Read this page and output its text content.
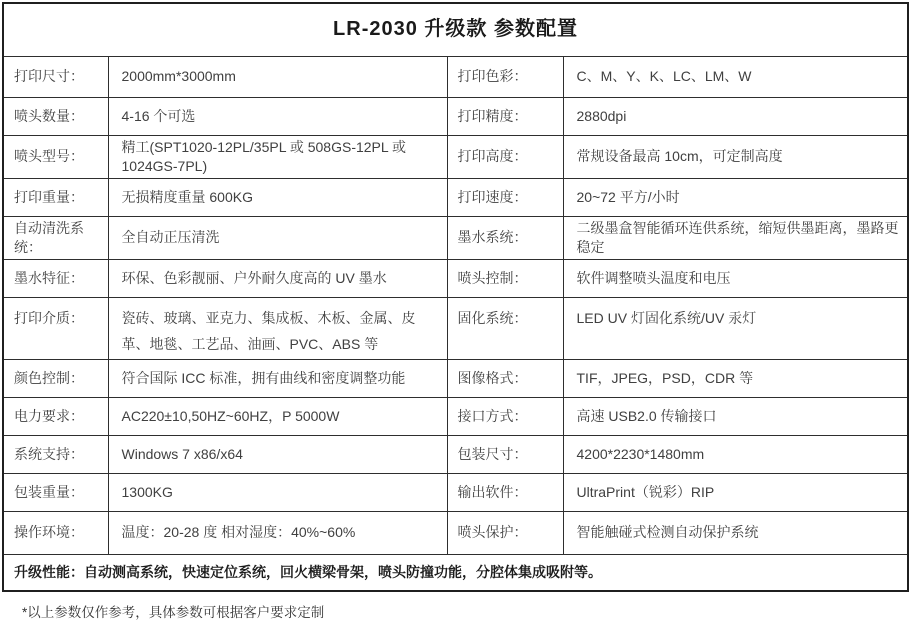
LR-2030 升级款 参数配置			
打印尺寸：	2000mm*3000mm	打印色彩：	C、M、Y、K、LC、LM、W
喷头数量：	4-16 个可选	打印精度：	2880dpi
喷头型号：	精工(SPT1020-12PL/35PL 或 508GS-12PL 或 1024GS-7PL)	打印高度：	常规设备最高 10cm，可定制高度
打印重量：	无损精度重量 600KG	打印速度：	20~72 平方/小时
自动清洗系统：	全自动正压清洗	墨水系统：	二级墨盒智能循环连供系统，缩短供墨距离，墨路更稳定
墨水特征：	环保、色彩靓丽、户外耐久度高的 UV 墨水	喷头控制：	软件调整喷头温度和电压
打印介质：	瓷砖、玻璃、亚克力、集成板、木板、金属、皮革、地毯、工艺品、油画、PVC、ABS 等	固化系统：	LED UV 灯固化系统/UV 汞灯
颜色控制：	符合国际 ICC 标准，拥有曲线和密度调整功能	图像格式：	TIF，JPEG，PSD，CDR 等
电力要求：	AC220±10,50HZ~60HZ，P 5000W	接口方式：	高速 USB2.0 传输接口
系统支持：	Windows 7 x86/x64	包装尺寸：	4200*2230*1480mm
包装重量：	1300KG	输出软件：	UltraPrint（锐彩）RIP
操作环境：	温度：20-28 度 相对湿度：40%~60%	喷头保护：	智能触碰式检测自动保护系统
升级性能：自动测高系统，快速定位系统，回火横梁骨架，喷头防撞功能，分腔体集成吸附等。			
*以上参数仅作参考，具体参数可根据客户要求定制
